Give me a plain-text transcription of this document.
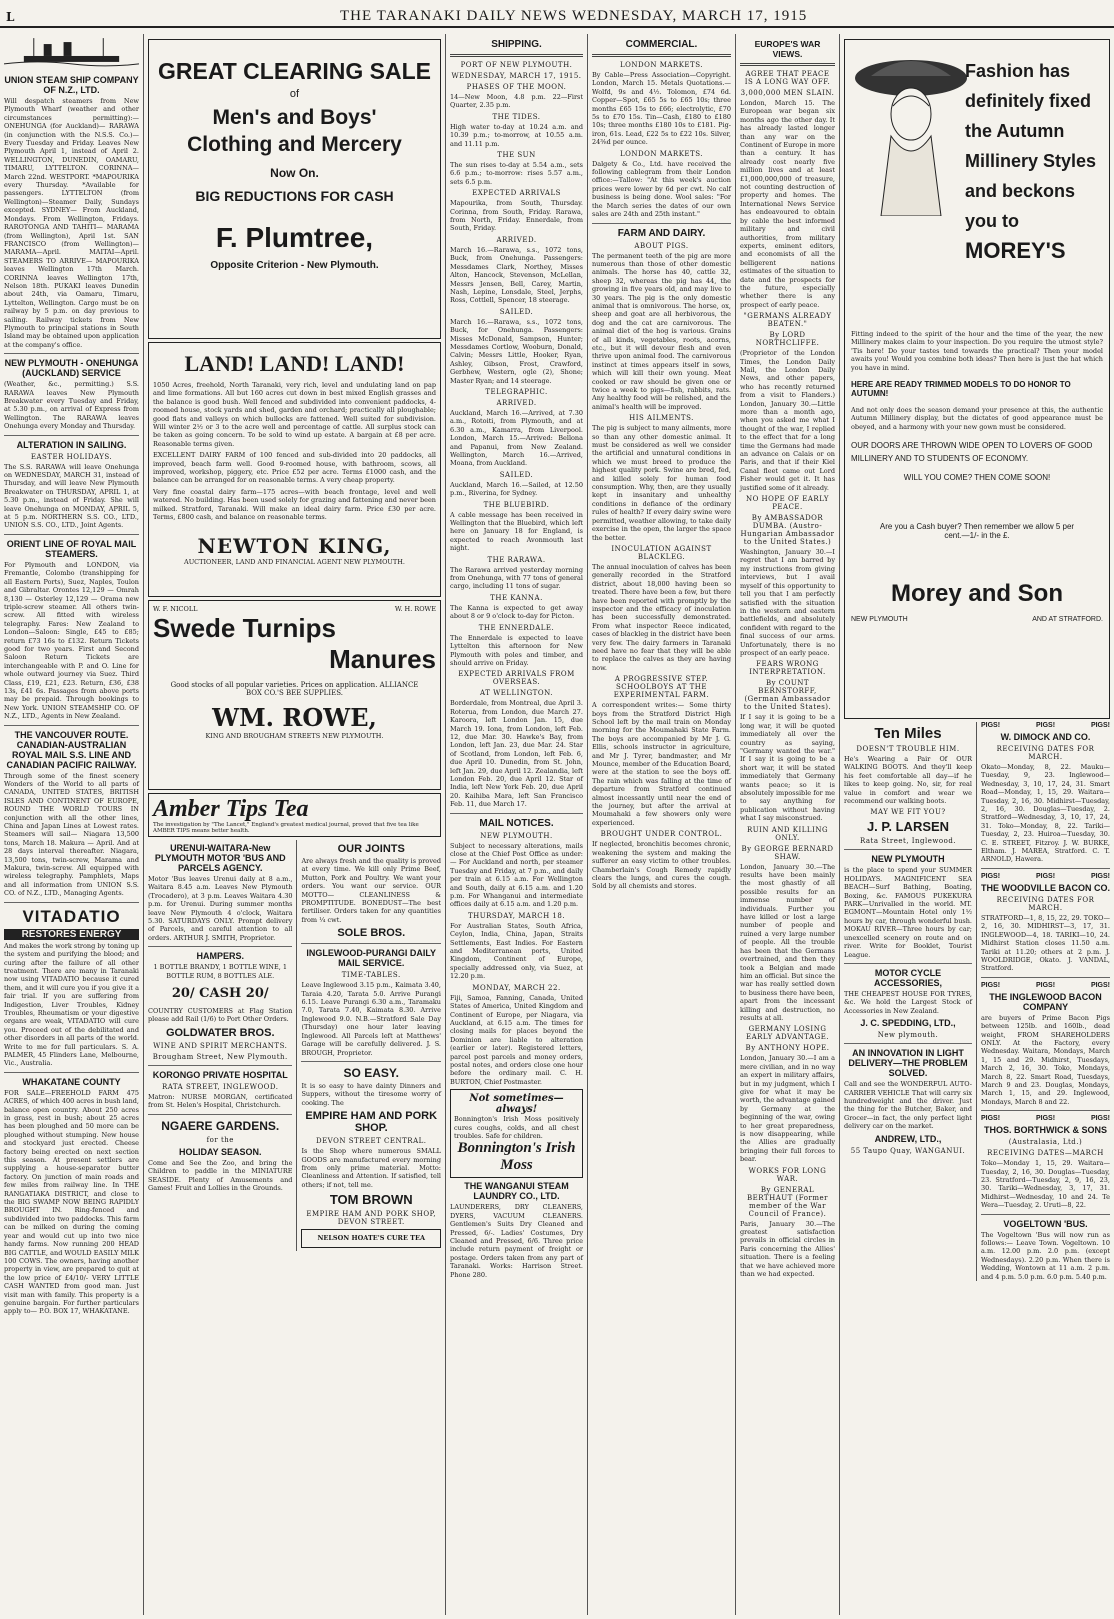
L	THE TARANAKI DAILY NEWS WEDNESDAY, MARCH 17, 1915
UNION STEAM SHIP COMPANY OF N.Z., LTD.
Will despatch steamers from New Plymouth Wharf (weather and other circumstances permitting):— ONEHUNGA (for Auckland)— RARAWA (in conjunction with the N.S.S. Co.)—Every Tuesday and Friday. Leaves New Plymouth April 1, instead of April 2. WELLINGTON, DUNEDIN, OAMARU, TIMARU, LYTTELTON. CORINNA—March 22nd. WESTPORT. *MAPOURIKA every Thursday. *Available for passengers. LYTTELTON (from Wellington)—Steamer Daily, Sundays excepted. SYDNEY— From Auckland, Mondays. From Wellington, Fridays. RAROTONGA AND TAHITI— MARAMA (from Wellington), April 1st. SAN FRANCISCO (from Wellington)— MARAMA—April. MAITAI—April. STEAMERS TO ARRIVE— MAPOURIKA leaves Wellington 17th March. CORINNA leaves Wellington 17th, Nelson 18th. PUKAKI leaves Dunedin about 24th, via Oamaru, Timaru, Lyttelton, Wellington. Cargo must be on railway by 5 p.m. on day previous to sailing. Railway tickets from New Plymouth to principal stations in South Island may be obtained upon application at the company's office.
NEW PLYMOUTH - ONEHUNGA (AUCKLAND) SERVICE
(Weather, &c., permitting.) S.S. RARAWA leaves New Plymouth Breakwater every Tuesday and Friday, at 5.30 p.m., on arrival of Express from Wellington. The RARAWA leaves Onehunga every Monday and Thursday.
ALTERATION IN SAILING.
EASTER HOLIDAYS.
The S.S. RARAWA will leave Onehunga on WEDNESDAY, MARCH 31, instead of Thursday, and will leave New Plymouth Breakwater on THURSDAY, APRIL 1, at 5.30 p.m., instead of Friday. She will leave Onehunga on MONDAY, APRIL 5, at 5 p.m. NORTHERN S.S. CO., LTD., UNION S.S. CO., LTD., Joint Agents.
ORIENT LINE OF ROYAL MAIL STEAMERS.
For Plymouth and LONDON, via Fremantle, Colombo (transhipping for all Eastern Ports), Suez, Naples, Toulon and Gibraltar. Orontes 12,129 — Omrah 8,130 — Osterley 12,129 — Orama new triple-screw steamer. All others twin-screw. All fitted with wireless telegraphy. Fares: New Zealand to London—Saloon: Single, £45 to £85; return £73 16s to £132. Return Tickets good for two years. First and Second Saloon Return Tickets are interchangeable with P. and O. Line for whole outward journey via Suez. Third Class, £19, £21, £23. Return, £36, £38 13s, £41 6s. Passages from above ports may be prepaid. Through bookings to New York. UNION STEAMSHIP CO. OF N.Z., LTD., Agents in New Zealand.
THE VANCOUVER ROUTE. CANADIAN-AUSTRALIAN ROYAL MAIL S.S. LINE AND CANADIAN PACIFIC RAILWAY.
Through some of the finest scenery Wonders of the World to all parts of CANADA, UNITED STATES, BRITISH ISLES AND CONTINENT OF EUROPE, ROUND THE WORLD TOURS IN conjunction with all the other lines, China and Japan Lines at Lowest rates. Steamers will sail— Niagara 13,500 tons, March 18. Makura — April. And at 28 days interval thereafter. Niagara, 13,500 tons, twin-screw, Marama and Makura, twin-screw. All equipped with wireless telegraphy. Pamphlets, Maps and all information from UNION S.S. CO. of N.Z., LTD., Managing Agents.
VITADATIO
RESTORES ENERGY
And makes the work strong by toning up the system and purifying the blood; and curing after the failure of all other treatment. There are many in Taranaki now using VITADATIO because it cured them, and it will cure you if you give it a fair trial. If you are suffering from Indigestion, Liver Troubles, Kidney Troubles, Rheumatism or your digestive organs are weak, VITADATIO will cure you. Proceed out of the debilitated and other disorders in all parts of the world. Write to me for full particulars. S. A. PALMER, 45 Flinders Lane, Melbourne, Vic., Australia.
WHAKATANE COUNTY
FOR SALE—FREEHOLD FARM 475 ACRES, of which 400 acres in bush land, balance open country. About 250 acres in grass, rest in bush; about 25 acres has been ploughed and 50 more can be ploughed without stumping. New house and stockyard just erected. Cheese factory being erected on next section this season. At present settlers are supplying a house-separator butter factory. On junction of main roads and few miles from railway line. In THE RANGATIAKA DISTRICT, and close to the BIG SWAMP NOW BEING RAPIDLY BROUGHT IN. Ring-fenced and subdivided into two paddocks. This farm can be milked on during the coming year and would cut up into two nice handy farms. Now running 200 HEAD BIG CATTLE, and WOULD EASILY MILK 100 COWS. The owners, having another property in view, are prepared to quit at the low price of £4/10/- VERY LITTLE CASH WANTED from good man. Just visit man with family. This property is a genuine bargain. For further particulars apply to— P.O. BOX 17, WHAKATANE.
GREAT CLEARING SALE
of
Men's and Boys'
Clothing and Mercery
Now On.
BIG REDUCTIONS FOR CASH
F. Plumtree,
Opposite Criterion - New Plymouth.
LAND! LAND! LAND!
1050 Acres, freehold, North Taranaki, very rich, level and undulating land on pap and lime formations. All but 160 acres cut down in best mixed English grasses and the balance is good bush. Well fenced and subdivided into convenient paddocks, 4-roomed house, stock yards and shed, garden and orchard; practically all ploughable; good flats and valleys on which bullocks are fattened. Well suited for subdivision. Will winter 2½ or 3 to the acre well and percentage of cattle. All surplus stock can be taken as going concern. To be sold to wind up estate. A bargain at £8 per acre. Reasonable terms given.
EXCELLENT DAIRY FARM of 100 fenced and sub-divided into 20 paddocks, all improved, beach farm well. Good 9-roomed house, with bathroom, scows, all improved, workshop, piggery, etc. Price £52 per acre. Terms £1000 cash, and the balance can be arranged for on reasonable terms. A very cheap property.
Very fine coastal dairy farm—175 acres—with beach frontage, level and well watered. No building. Has been used solely for grazing and fattening and never been milked. Stratford, Taranaki. Will make an ideal dairy farm. Price £30 per acre. Terms, £800 cash, and balance on reasonable terms.
NEWTON KING,
AUCTIONEER, LAND AND FINANCIAL AGENT NEW PLYMOUTH.
W. F. NICOLL	W. H. ROWE
Swede Turnips
Manures
Good stocks of all popular varieties. Prices on application. ALLIANCE BOX CO.'S BEE SUPPLIES.
WM. ROWE,
KING AND BROUGHAM STREETS NEW PLYMOUTH.
Amber Tips Tea
The investigation by "The Lancet," England's greatest medical journal, proved that five tea like AMBER TIPS means better health.
URENUI-WAITARA-New PLYMOUTH MOTOR 'BUS AND PARCELS AGENCY.
Motor 'Bus leaves Urenui daily at 8 a.m., Waitara 8.45 a.m. Leaves New Plymouth (Trocadero), at 3 p.m. Leaves Waitara 4.30 p.m. for Urenui. During summer months leave New Plymouth 4 o'clock, Waitara 5.30. SATURDAYS ONLY. Prompt delivery of Parcels, and careful attention to all orders. ARTHUR J. SMITH, Proprietor.
HAMPERS.
1 BOTTLE BRANDY, 1 BOTTLE WINE, 1 BOTTLE RUM, 8 BOTTLES ALE.
20/ CASH 20/
COUNTRY CUSTOMERS at Flag Station please add Rail (1/6) to Port Other Orders.
GOLDWATER BROS.
WINE AND SPIRIT MERCHANTS.
Brougham Street, New Plymouth.
KORONGO PRIVATE HOSPITAL
RATA STREET, INGLEWOOD.
Matron: NURSE MORGAN, certificated from St. Helen's Hospital, Christchurch.
NGAERE GARDENS.
for the
HOLIDAY SEASON.
Come and See the Zoo, and bring the Children to paddle in the MINIATURE SEASIDE. Plenty of Amusements and Games! Fruit and Lollies in the Grounds.
OUR JOINTS
Are always fresh and the quality is proved at every time. We kill only Prime Beef, Mutton, Pork and Poultry. We want your orders. You want our service. OUR MOTTO— CLEANLINESS & PROMPTITUDE. BONEDUST—The best fertiliser. Orders taken for any quantities from ¼ cwt.
SOLE BROS.
INGLEWOOD-PURANGI DAILY MAIL SERVICE.
TIME-TABLES.
Leave Inglewood 3.15 p.m., Kaimata 3.40, Taraia 4.20, Tarata 5.0. Arrive Purangi 6.15. Leave Purangi 6.30 a.m., Taramaku 7.0, Tarata 7.40, Kaimata 8.30. Arrive Inglewood 9.0. N.B.—Stratford Sale Day (Thursday) one hour later leaving Inglewood. All Parcels left at Matthews' Garage will be carefully delivered. J. S. BROUGH, Proprietor.
SO EASY.
It is so easy to have dainty Dinners and Suppers, without the tiresome worry of cooking. The
EMPIRE HAM AND PORK SHOP.
DEVON STREET CENTRAL.
Is the Shop where numerous SMALL GOODS are manufactured every morning from only prime material. Motto: Cleanliness and Attention. If satisfied, tell others; if not, tell me.
TOM BROWN
EMPIRE HAM AND PORK SHOP, DEVON STREET.
NELSON HOATE'S CURE TEA
SHIPPING.
PORT OF NEW PLYMOUTH.
WEDNESDAY, MARCH 17, 1915.
PHASES OF THE MOON.
14—New Moon, 4.8 p.m. 22—First Quarter, 2.35 p.m.
THE TIDES.
High water to-day at 10.24 a.m. and 10.39 p.m.; to-morrow, at 10.55 a.m. and 11.11 p.m.
THE SUN
The sun rises to-day at 5.54 a.m., sets 6.6 p.m.; to-morrow: rises 5.57 a.m., sets 6.5 p.m.
EXPECTED ARRIVALS
Mapourika, from South, Thursday. Corinna, from South, Friday. Rarawa, from North, Friday. Ennerdale, from South, Friday.
ARRIVED.
March 16.—Rarawa, s.s., 1072 tons, Buck, from Onehunga. Passengers: Messdames Clark, Northey, Misses Alton, Hancock, Stevenson, McLellan, Messrs Jensen, Bell, Carey, Martin, Nash, Lepine, Lonsdale, Steel, Jerphs, Ross, Cottlell, Spencer, 18 steerage.
SAILED.
March 16.—Rarawa, s.s., 1072 tons, Buck, for Onehunga. Passengers: Misses McDonald, Sampson, Hunter; Messdames Cortlow, Wooburn, Donald, Calvin; Messrs Little, Hooker, Ryan, Ashley, Gibson, Frost, Crawford, Gerbhew, Western, ogle (2), Shone; Master Ryan; and 14 steerage.
TELEGRAPHIC.
ARRIVED.
Auckland, March 16.—Arrived, at 7.30 a.m., Rotoiti, from Plymouth, and at 6.30 a.m., Kamarra, from Liverpool. London, March 15.—Arrived: Bellona and Papanui, from New Zealand. Wellington, March 16.—Arrived, Moana, from Auckland.
SAILED.
Auckland, March 16.—Sailed, at 12.50 p.m., Riverina, for Sydney.
THE BLUEBIRD.
A cable message has been received in Wellington that the Bluebird, which left here on January 18 for England, is expected to reach Avonmouth last night.
THE RARAWA.
The Rarawa arrived yesterday morning from Onehunga, with 77 tons of general cargo, including 11 tons of sugar.
THE KANNA.
The Kanna is expected to get away about 8 or 9 o'clock to-day for Picton.
THE ENNERDALE.
The Ennerdale is expected to leave Lyttelton this afternoon for New Plymouth with poles and timber, and should arrive on Friday.
EXPECTED ARRIVALS FROM OVERSEAS.
AT WELLINGTON.
Borderdale, from Montreal, due April 3. Roterua, from London, due March 27. Karoora, left London Jan. 15, due March 19. Iona, from London, left Feb. 12, due Mar. 30. Hawke's Bay, from London, left Jan. 23, due Mar. 24. Star of Scotland, from London, left Feb. 6, due April 10. Dunedin, from St. John, left Jan. 29, due April 12. Zealandia, left London Feb. 20, due April 12. Star of India, left New York Feb. 20, due April 20. Kaihiba Mara, left San Francisco Feb. 11, due March 17.
MAIL NOTICES.
NEW PLYMOUTH.
Subject to necessary alterations, mails close at the Chief Post Office as under:— For Auckland and north, per steamer Tuesday and Friday, at 7 p.m., and daily per train at 6.15 a.m. For Wellington and South, daily at 6.15 a.m. and 1.20 p.m. For Whanganui and intermediate offices daily at 6.15 a.m. and 1.20 p.m.
THURSDAY, MARCH 18.
For Australian States, South Africa, Ceylon, India, China, Japan, Straits Settlements, East Indies. For Eastern and Mediterranean ports, United Kingdom, Continent of Europe, specially addressed only, via Suez, at 12.20 p.m.
MONDAY, MARCH 22.
Fiji, Samoa, Fanning, Canada, United States of America, United Kingdom and Continent of Europe, per Niagara, via Auckland, at 6.15 a.m. The times for closing mails for places beyond the Dominion are liable to alteration (earlier or later). Registered letters, parcel post parcels and money orders, postal notes, and orders close one hour before the ordinary mail. C. H. BURTON, Chief Postmaster.
Not sometimes—always!
Bonnington's Irish Moss positively cures coughs, colds, and all chest troubles. Safe for children.
Bonnington's Irish Moss
THE WANGANUI STEAM LAUNDRY CO., LTD.
LAUNDERERS, DRY CLEANERS, DYERS, VACUUM CLEANERS. Gentlemen's Suits Dry Cleaned and Pressed, 6/-. Ladies' Costumes, Dry Cleaned and Pressed, 6/6. Three price include return payment of freight or postage. Orders taken from any part of Taranaki. Works: Harrison Street. Phone 280.
COMMERCIAL.
LONDON MARKETS.
By Cable—Press Association—Copyright. London, March 15. Metals Quotations.—Wolfd, 9s and 4½. Tolomon, £74 6d. Copper—Spot, £65 5s to £65 10s; three months £65 15s to £66; electrolytic, £70 5s to £70 15s. Tin—Cash, £180 to £180 10s; three months £180 10s to £181. Pig-iron, 61s. Lead, £22 5s to £22 10s. Silver, 24⅜d per ounce.
LONDON MARKETS.
Dalgety & Co., Ltd. have received the following cablegram from their London office:—Tallow: "At this week's auction prices were lower by 6d per cwt. No calf business is being done. Wool sales: "For the March series the dates of our own sales are 24th and 25th instant."
FARM AND DAIRY.
ABOUT PIGS.
The permanent teeth of the pig are more numerous than those of other domestic animals. The horse has 40, cattle 32, sheep 32, whereas the pig has 44, the growing in five years old, and may live to 30 years. The pig is the only domestic animal that is omnivorous. The horse, ox, sheep and goat are all herbivorous, the dog and the cat are carnivorous. The animal diet of the hog is various. Grains of all kinds, vegetables, roots, acorns, etc., but it will devour flesh and even thrive upon animal food. The carnivorous instinct at times appears itself in sows, which will kill their own young. Meat cooked or raw should be given one or twice a week to pigs—fish, rabbits, rats. Any healthy food will be relished, and the animal's health will be improved.
HIS AILMENTS.
The pig is subject to many ailments, more so than any other domestic animal. It must be considered as well we consider the artificial and unnatural conditions in which we must breed to produce the highest quality pork. Swine are bred, fed, and killed solely for human food consumption. Why, then, are they usually kept in insanitary and unhealthy conditions in defiance of the ordinary rules of health? If every dairy swine were permitted, weather allowing, to take daily exercise in the open, the larger the space the better.
INOCULATION AGAINST BLACKLEG.
The annual inoculation of calves has been generally recorded in the Stratford district, about 18,000 having been so treated. There have been a few, but there have been reported with promptly by the inspector and the efficacy of inoculation has been successfully demonstrated. From what inspector Reece indicated, cases of blackleg in the district have been very few. The dairy farmers in Taranaki need have no fear that they will be able to replace the calves as they are having now.
A PROGRESSIVE STEP. SCHOOLBOYS AT THE EXPERIMENTAL FARM.
A correspondent writes:— Some thirty boys from the Stratford District High School left by the mail train on Monday morning for the Moumahaki State Farm. The boys are accompanied by Mr J. G. Ellis, schools instructor in agriculture, and Mr J. Tyrer, bandmaster, and Mr Mounce, member of the Education Board, were at the station to see the boys off. The rain which was falling at the time of departure from Stratford continued almost incessantly until near the end of the journey, but after the arrival at Moumahaki a few showers only were experienced.
BROUGHT UNDER CONTROL.
If neglected, bronchitis becomes chronic, weakening the system and making the sufferer an easy victim to other troubles. Chamberlain's Cough Remedy rapidly clears the lungs, and cures the cough. Sold by all chemists and stores.
EUROPE'S WAR VIEWS.
AGREE THAT PEACE IS A LONG WAY OFF.
3,000,000 MEN SLAIN.
London, March 15. The European war began six months ago the other day. It has already lasted longer than any war on the Continent of Europe in more than a century. It has already cost nearly five million lives and at least £1,000,000,000 of treasure, not counting destruction of property and homes. The International News Service has endeavoured to obtain by cable the best informed military and civil authorities, from military experts, eminent editors, and economists of all the belligerent nations estimates of the situation to date and the prospects for the future, especially whether there is any prospect of early peace.
"GERMANS ALREADY BEATEN."
By LORD NORTHCLIFFE.
(Proprietor of the London Times, the London Daily Mail, the London Daily News, and other papers, who has recently returned from a visit to Flanders.) London, January 30.—Little more than a month ago, when you asked me what I thought of the war, I replied to the effect that for a long time the Germans had made an advance on Calais or on Paris, and that if their Kiel Canal fleet came out Lord Fisher would get it. It has justified some of it already.
NO HOPE OF EARLY PEACE.
By AMBASSADOR DUMBA. (Austro-Hungarian Ambassador to the United States.)
Washington, January 30.—I regret that I am barred by my instructions from giving interviews, but I avail myself of this opportunity to tell you that I am perfectly satisfied with the situation in the western and eastern battlefields, and absolutely confident with regard to the final success of our arms. Unfortunately, there is no prospect of an early peace.
FEARS WRONG INTERPRETATION.
By COUNT BERNSTORFF, (German Ambassador to the United States).
If I say it is going to be a long war, it will be quoted immediately all over the country as saying, "Germany wanted the war." If I say it is going to be a short war, it will be stated immediately that Germany wants peace; so it is absolutely impossible for me to say anything for publication without having what I say misconstrued.
RUIN AND KILLING ONLY.
By GEORGE BERNARD SHAW.
London, January 30.—The results have been mainly the most ghastly of all possible results for an immense number of individuals. Further you have killed or lost a large number of people and ruined a very large number of people. All the trouble has been that the Germans overtrained, and then they took a Belgian and made him an official. But since the war has really settled down to business there have been, apart from the incessant killing and destruction, no results at all.
GERMANY LOSING EARLY ADVANTAGE.
By ANTHONY HOPE.
London, January 30.—I am a mere civilian, and in no way an expert in military affairs, but in my judgment, which I give for what it may be worth, the advantage gained by Germany at the beginning of the war, owing to her great preparedness, is now disappearing, while the Allies are gradually bringing their full forces to bear.
WORKS FOR LONG WAR.
By GENERAL BERTHAUT (Former member of the War Council of France).
Paris, January 30.—The greatest satisfaction prevails in official circles in Paris concerning the Allies' situation. There is a feeling that we have achieved more than we had expected.
Fashion has
definitely fixed
the Autumn
Millinery Styles
and beckons
you to
MOREY'S
Fitting indeed to the spirit of the hour and the time of the year, the new Millinery makes claim to your inspection. Do you require the utmost style? 'Tis here! Do your tastes tend towards the practical? Then your model awaits you! Would you combine both ideas? Then here is just the hat which you have in mind.
HERE ARE READY TRIMMED MODELS TO DO HONOR TO AUTUMN!
And not only does the season demand your presence at this, the authentic Autumn Millinery display, but the dictates of good appearance must be obeyed, and a harmony with your new gown must be considered.
OUR DOORS ARE THROWN WIDE OPEN TO LOVERS OF GOOD MILLINERY AND TO STUDENTS OF ECONOMY.
WILL YOU COME? THEN COME SOON!
Are you a Cash buyer? Then remember we allow 5 per cent.—1/- in the £.
Morey and Son
NEW PLYMOUTH	AND AT STRATFORD.
Ten Miles
DOESN'T TROUBLE HIM.
He's Wearing a Pair Of OUR WALKING BOOTS. And they'll keep his feet comfortable all day—if he likes to keep going. No, sir, for real value in comfort and wear we recommend our walking boots.
MAY WE FIT YOU?
J. P. LARSEN
Rata Street, Inglewood.
NEW PLYMOUTH
is the place to spend your SUMMER HOLIDAYS. MAGNIFICENT SEA BEACH—Surf Bathing, Boating, Boxing, &c. FAMOUS PUKEKURA PARK—Unrivalled in the world. MT. EGMONT—Mountain Hotel only 1½ hours by car, through wonderful bush. MOKAU RIVER—Three hours by car; unexcelled scenery on route and on river. Write for Booklet, Tourist League.
MOTOR CYCLE ACCESSORIES,
THE CHEAPEST HOUSE FOR TYRES, &c. We hold the Largest Stock of Accessories in New Zealand.
J. C. SPEDDING, LTD.,
New plymouth.
AN INNOVATION IN LIGHT DELIVERY—THE PROBLEM SOLVED.
Call and see the WONDERFUL AUTO-CARRIER VEHICLE That will carry six hundredweight and the driver. Just the thing for the Butcher, Baker, and Grocer—in fact, the only perfect light delivery car on the market.
ANDREW, LTD.,
55 Taupo Quay, WANGANUI.
PIGS!	PIGS!	PIGS!
W. DIMOCK AND CO.
RECEIVING DATES FOR MARCH.
Okato—Monday, 8, 22. Mauku—Tuesday, 9, 23. Inglewood—Wednesday, 3, 10, 17, 24, 31. Smart Road—Monday, 1, 15, 29. Waitara—Tuesday, 2, 16, 30. Midhirst—Tuesday, 2, 16, 30. Douglas—Tuesday, 2. Stratford—Wednesday, 3, 10, 17, 24, 31. Toko—Monday, 8, 22. Tariki—Tuesday, 2, 23. Huiroa—Tuesday, 30. C. E. STREET, Fitzroy. J. W. BURKE, Eltham. J. MAREA, Stratford. C. T. ARNOLD, Hawera.
PIGS!	PIGS!	PIGS!
THE WOODVILLE BACON CO.
RECEIVING DATES FOR MARCH.
STRATFORD—1, 8, 15, 22, 29. TOKO—2, 16, 30. MIDHIRST—3, 17, 31. INGLEWOOD—4, 18. TARIKI—10, 24. Midhirst Station closes 11.50 a.m. Tariki at 11.20; others at 2 p.m. J. WOOLDRIDGE, Okato. J. VANDAL, Stratford.
PIGS!	PIGS!	PIGS!
THE INGLEWOOD BACON COMPANY
are buyers of Prime Bacon Pigs between 125lb. and 160lb., dead weight, FROM SHAREHOLDERS ONLY. At the Factory, every Wednesday. Waitara, Mondays, March 1, 15 and 29. Midhirst, Tuesdays, March 2, 16, 30. Toko, Mondays, March 8, 22. Smart Road, Tuesdays, March 9 and 23. Douglas, Mondays, March 1, 15, and 29. Inglewood, Mondays, March 8 and 22.
PIGS!	PIGS!	PIGS!
THOS. BORTHWICK & SONS
(Australasia, Ltd.)
RECEIVING DATES—MARCH
Toko—Monday 1, 15, 29. Waitara—Tuesday, 2, 16, 30. Douglas—Tuesday, 23. Stratford—Tuesday, 2, 9, 16, 23, 30. Tariki—Wednesday, 3, 17, 31. Midhirst—Wednesday, 10 and 24. Te Wera—Tuesday, 2. Uruti—8, 22.
VOGELTOWN 'BUS.
The Vogeltown 'Bus will now run as follows:— Leave Town. Vogeltown. 10 a.m. 12.00 p.m. 2.0 p.m. (except Wednesdays). 2.20 p.m. When there is Wedding, Wontown at 11 a.m. 2 p.m. and 4 p.m. 5.0 p.m. 6.0 p.m. 5.40 p.m.
